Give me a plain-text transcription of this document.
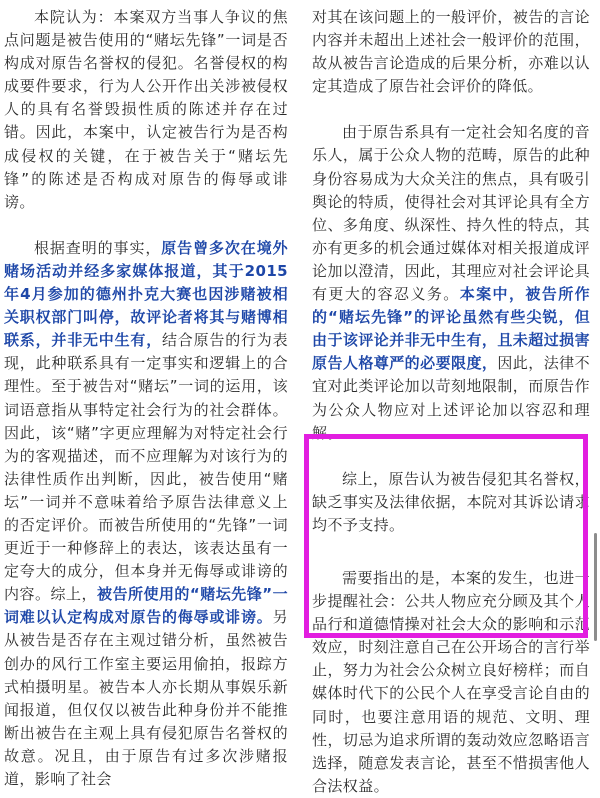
本院认为：本案双方当事人争议的焦点问题是被告使用的“赌坛先锋”一词是否构成对原告名誉权的侵犯。名誉侵权的构成要件要求，行为人公开作出关涉被侵权人的具有名誉毁损性质的陈述并存在过错。因此，本案中，认定被告行为是否构成侵权的关键，在于被告关于“赌坛先锋”的陈述是否构成对原告的侮辱或诽谤。

根据查明的事实，原告曾多次在境外赌场活动并经多家媒体报道，其于2015年4月参加的德州扑克大赛也因涉赌被相关职权部门叫停，故评论者将其与赌博相联系，并非无中生有，结合原告的行为表现，此种联系具有一定事实和逻辑上的合理性。至于被告对“赌坛”一词的运用，该词语意指从事特定社会行为的社会群体。因此，该“赌”字更应理解为对特定社会行为的客观描述，而不应理解为对该行为的法律性质作出判断，因此，被告使用“赌坛”一词并不意味着给予原告法律意义上的否定评价。而被告所使用的“先锋”一词更近于一种修辞上的表达，该表达虽有一定夸大的成分，但本身并无侮辱或诽谤的内容。综上，被告所使用的“赌坛先锋”一词难以认定构成对原告的侮辱或诽谤。另从被告是否存在主观过错分析，虽然被告创办的风行工作室主要运用偷拍，报踪方式柏摄明星。被告本人亦长期从事娱乐新闻报道，但仅仅以被告此种身份并不能推断出被告在主观上具有侵犯原告名誉权的故意。况且，由于原告有过多次涉赌报道，影响了社会

对其在该问题上的一般评价，被告的言论内容并未超出上述社会一般评价的范围，故从被告言论造成的后果分析，亦难以认定其造成了原告社会评价的降低。

由于原告系具有一定社会知名度的音乐人，属于公众人物的范畴，原告的此种身份容易成为大众关注的焦点，具有吸引舆论的特质，使得社会对其评论具有全方位、多角度、纵深性、持久性的特点，其亦有更多的机会通过媒体对相关报道成评论加以澄清，因此，其理应对社会评论具有更大的容忍义务。本案中，被告所作的“赌坛先锋”的评论虽然有些尖锐，但由于该评论并非无中生有，且未超过损害原告人格尊严的必要限度，因此，法律不宜对此类评论加以苛刻地限制，而原告作为公众人物应对上述评论加以容忍和理解。

综上，原告认为被告侵犯其名誉权，缺乏事实及法律依据，本院对其诉讼请求均不予支持。

需要指出的是，本案的发生，也进一步提醒社会：公共人物应充分顾及其个人品行和道德情操对社会大众的影响和示范效应，时刻注意自己在公开场合的言行举止，努力为社会公众树立良好榜样；而自媒体时代下的公民个人在享受言论自由的同时，也要注意用语的规范、文明、理性，切忌为追求所谓的轰动效应忽略语言选择，随意发表言论，甚至不惜损害他人合法权益。
